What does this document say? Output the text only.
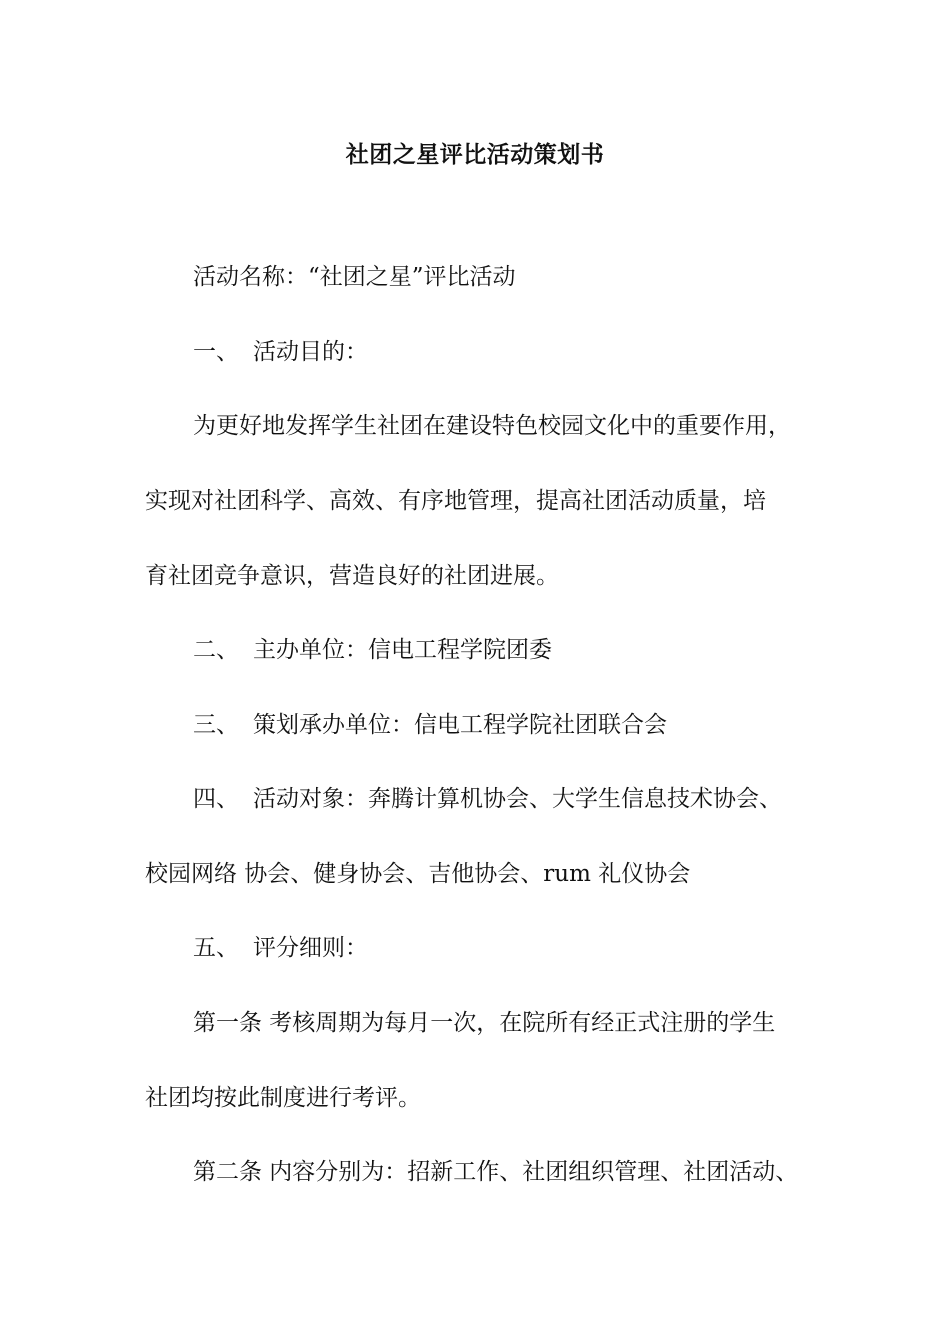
社团之星评比活动策划书
活动名称：“社团之星”评比活动
一、 活动目的：
为更好地发挥学生社团在建设特色校园文化中的重要作用，
实现对社团科学、高效、有序地管理，提高社团活动质量，培
育社团竞争意识，营造良好的社团进展。
二、 主办单位：信电工程学院团委
三、 策划承办单位：信电工程学院社团联合会
四、 活动对象：奔腾计算机协会、大学生信息技术协会、
校园网络 协会、健身协会、吉他协会、rum 礼仪协会
五、 评分细则：
第一条 考核周期为每月一次，在院所有经正式注册的学生
社团均按此制度进行考评。
第二条 内容分别为：招新工作、社团组织管理、社团活动、
